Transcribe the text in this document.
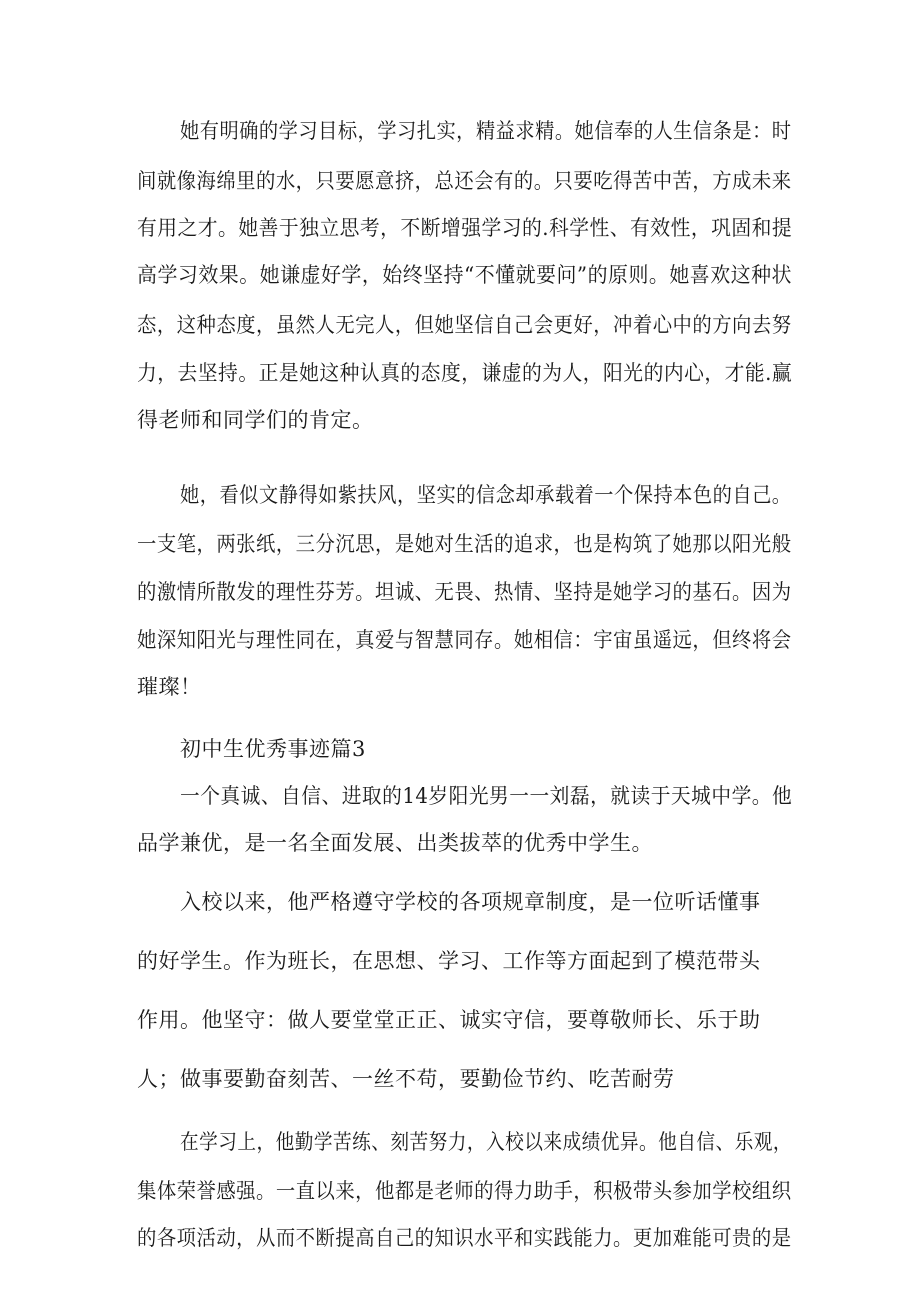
她有明确的学习目标，学习扎实，精益求精。她信奉的人生信条是：时
间就像海绵里的水，只要愿意挤，总还会有的。只要吃得苦中苦，方成未来
有用之才。她善于独立思考，不断增强学习的.科学性、有效性，巩固和提
高学习效果。她谦虚好学，始终坚持“不懂就要问”的原则。她喜欢这种状
态，这种态度，虽然人无完人，但她坚信自己会更好，冲着心中的方向去努
力，去坚持。正是她这种认真的态度，谦虚的为人，阳光的内心，才能.赢
得老师和同学们的肯定。
她，看似文静得如紫扶风，坚实的信念却承载着一个保持本色的自己。
一支笔，两张纸，三分沉思，是她对生活的追求，也是构筑了她那以阳光般
的激情所散发的理性芬芳。坦诚、无畏、热情、坚持是她学习的基石。因为
她深知阳光与理性同在，真爱与智慧同存。她相信：宇宙虽遥远，但终将会
璀璨！
初中生优秀事迹篇3
一个真诚、自信、进取的14岁阳光男一一刘磊，就读于天城中学。他
品学兼优，是一名全面发展、出类拔萃的优秀中学生。
入校以来，他严格遵守学校的各项规章制度，是一位听话懂事
的好学生。作为班长，在思想、学习、工作等方面起到了模范带头
作用。他坚守：做人要堂堂正正、诚实守信，要尊敬师长、乐于助
人；做事要勤奋刻苦、一丝不苟，要勤俭节约、吃苦耐劳
在学习上，他勤学苦练、刻苦努力，入校以来成绩优异。他自信、乐观，
集体荣誉感强。一直以来，他都是老师的得力助手，积极带头参加学校组织
的各项活动，从而不断提高自己的知识水平和实践能力。更加难能可贵的是
